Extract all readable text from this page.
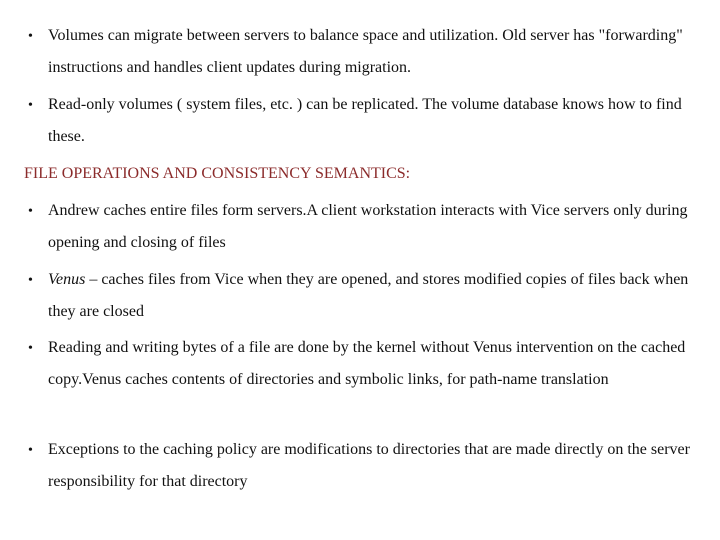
• Volumes can migrate between servers to balance space and utilization. Old server has "forwarding" instructions and handles client updates during migration.
• Read-only volumes ( system files, etc. ) can be replicated. The volume database knows how to find these.
FILE OPERATIONS AND CONSISTENCY SEMANTICS:
• Andrew caches entire files form servers.A client workstation interacts with Vice servers only during opening and closing of files
• Venus – caches files from Vice when they are opened, and stores modified copies of files back when they are closed
• Reading and writing bytes of a file are done by the kernel without Venus intervention on the cached copy.Venus caches contents of directories and symbolic links, for path-name translation
• Exceptions to the caching policy are modifications to directories that are made directly on the server responsibility for that directory
